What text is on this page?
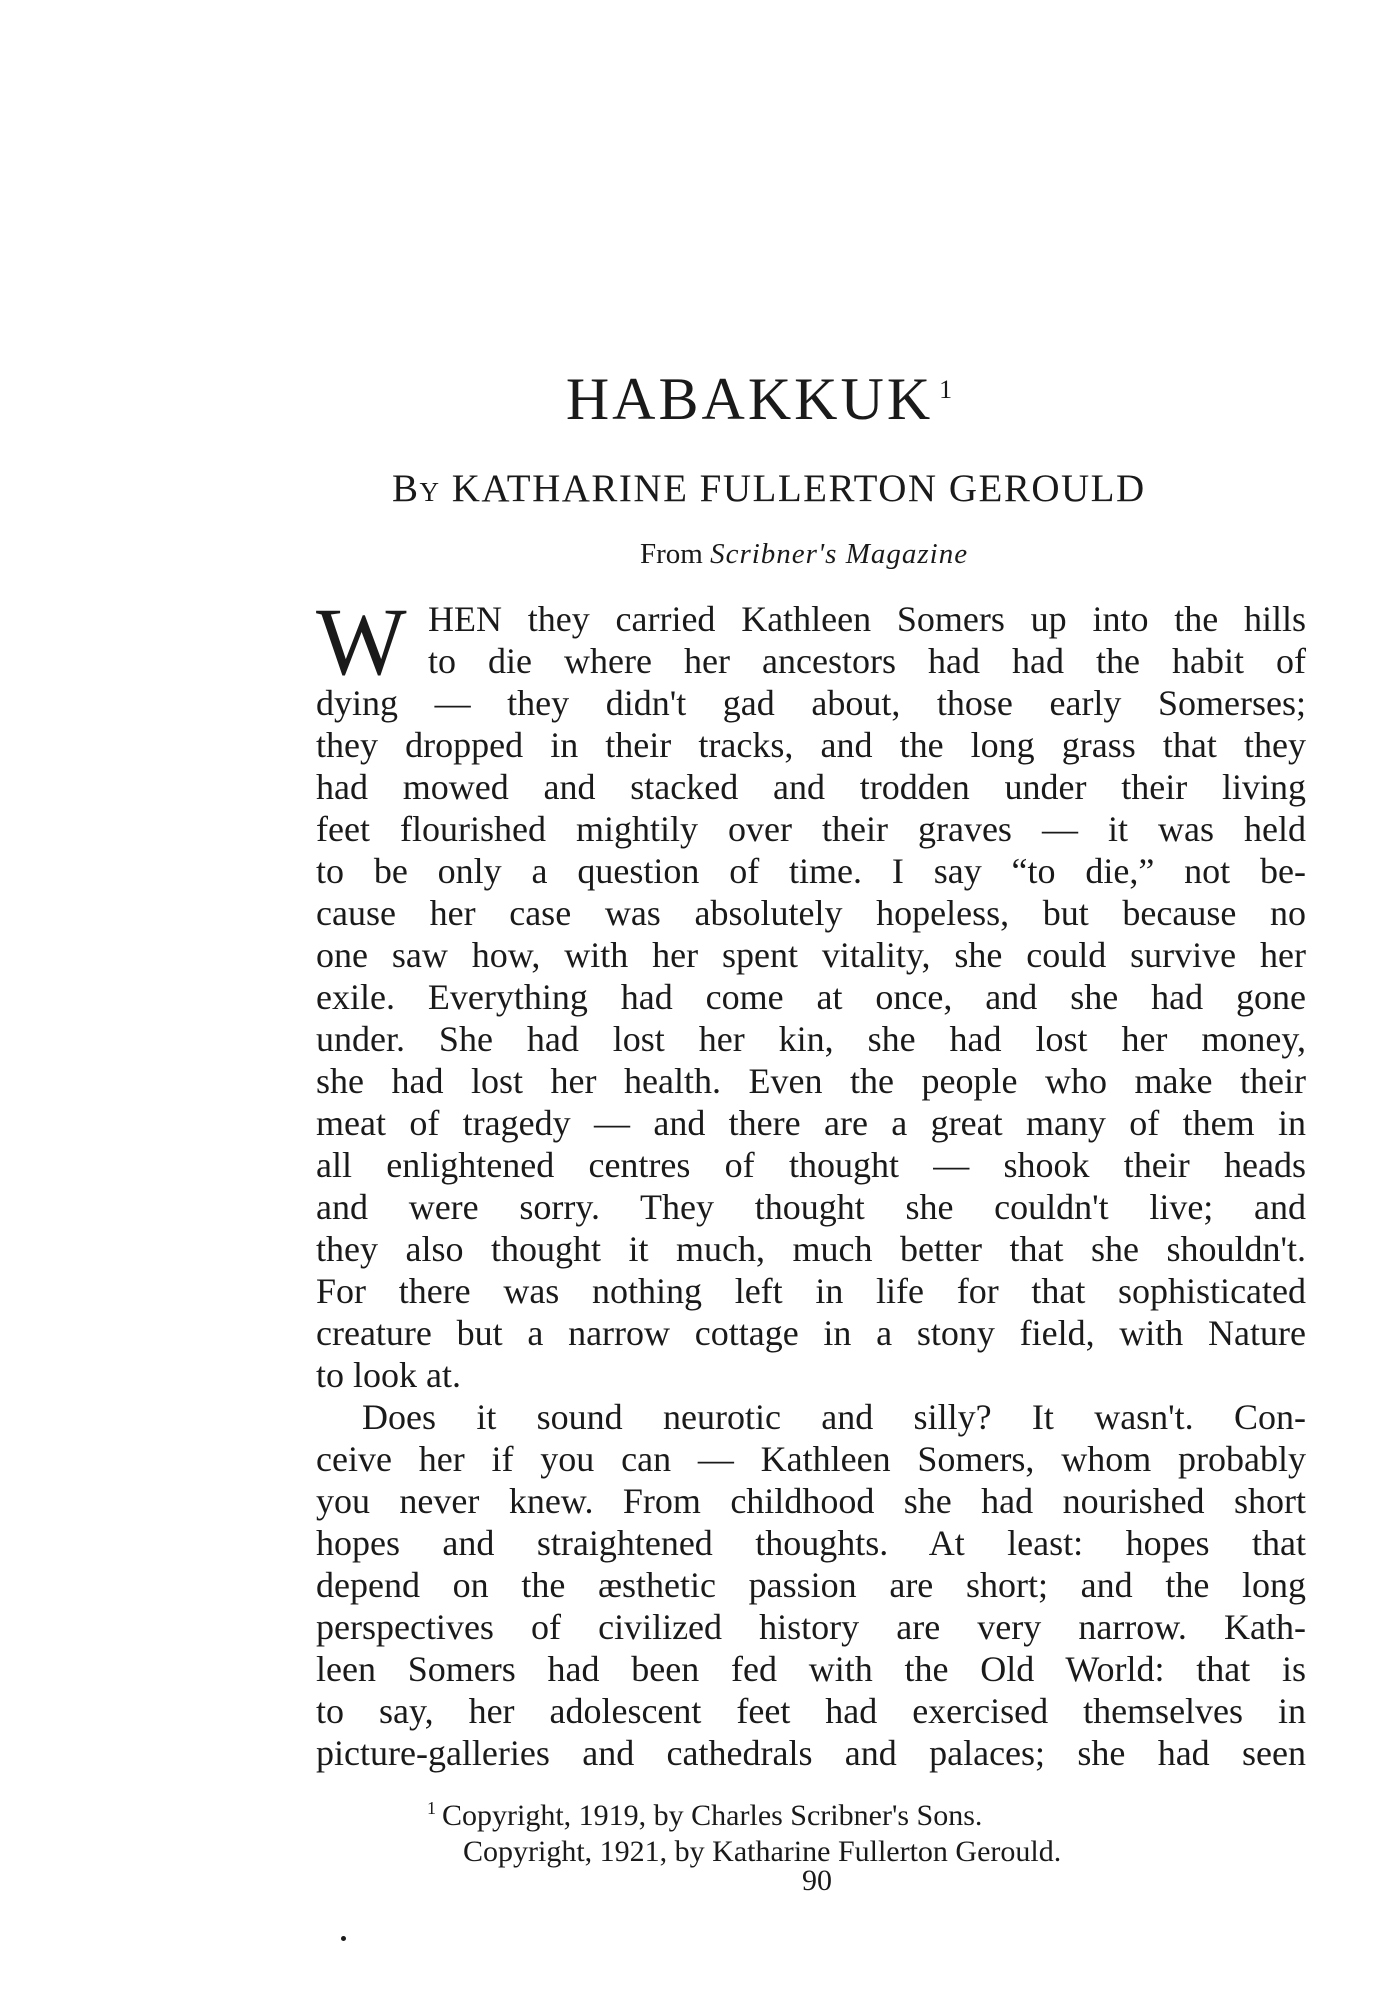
HABAKKUK $^1$
By KATHARINE FULLERTON GEROULD
From Scribner's Magazine
W HEN they carried Kathleen Somers up into the hills
to die where her ancestors had had the habit of
dying — they didn't gad about, those early Somerses;
they dropped in their tracks, and the long grass that they
had mowed and stacked and trodden under their living
feet flourished mightily over their graves — it was held
to be only a question of time. I say “to die,” not be-
cause her case was absolutely hopeless, but because no
one saw how, with her spent vitality, she could survive her
exile. Everything had come at once, and she had gone
under. She had lost her kin, she had lost her money,
she had lost her health. Even the people who make their
meat of tragedy — and there are a great many of them in
all enlightened centres of thought — shook their heads
and were sorry. They thought she couldn't live; and
they also thought it much, much better that she shouldn't.
For there was nothing left in life for that sophisticated
creature but a narrow cottage in a stony field, with Nature
to look at.
Does it sound neurotic and silly? It wasn't. Con-
ceive her if you can — Kathleen Somers, whom probably
you never knew. From childhood she had nourished short
hopes and straightened thoughts. At least: hopes that
depend on the æsthetic passion are short; and the long
perspectives of civilized history are very narrow. Kath-
leen Somers had been fed with the Old World: that is
to say, her adolescent feet had exercised themselves in
picture-galleries and cathedrals and palaces; she had seen
$^1$ Copyright, 1919, by Charles Scribner's Sons.
Copyright, 1921, by Katharine Fullerton Gerould.
90
